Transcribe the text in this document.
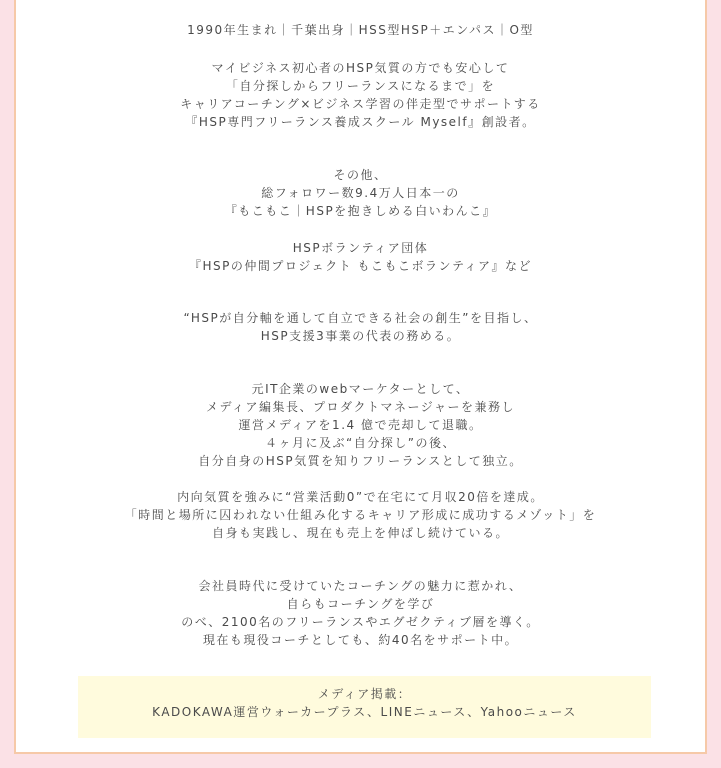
1990年生まれ｜千葉出身｜HSS型HSP＋エンパス｜O型

マイビジネス初心者のHSP気質の方でも安心して

「自分探しからフリーランスになるまで」を

キャリアコーチング×ビジネス学習の伴走型でサポートする

『HSP専門フリーランス養成スクール Myself』創設者。

その他、

総フォロワー数9.4万人日本一の

『もこもこ｜HSPを抱きしめる白いわんこ』

HSPボランティア団体

『HSPの仲間プロジェクト もこもこボランティア』など

“HSPが自分軸を通して自立できる社会の創生”を目指し、

HSP支援3事業の代表の務める。

元IT企業のwebマーケターとして、

メディア編集長、プロダクトマネージャーを兼務し

運営メディアを1.4 億で売却して退職。

４ヶ月に及ぶ“自分探し”の後、

自分自身のHSP気質を知りフリーランスとして独立。

内向気質を強みに“営業活動0”で在宅にて月収20倍を達成。

「時間と場所に囚われない仕組み化するキャリア形成に成功するメゾット」を

自身も実践し、現在も売上を伸ばし続けている。

会社員時代に受けていたコーチングの魅力に惹かれ、

自らもコーチングを学び

のべ、2100名のフリーランスやエグゼクティブ層を導く。

現在も現役コーチとしても、約40名をサポート中。

メディア掲載：

KADOKAWA運営ウォーカープラス、LINEニュース、Yahooニュース
